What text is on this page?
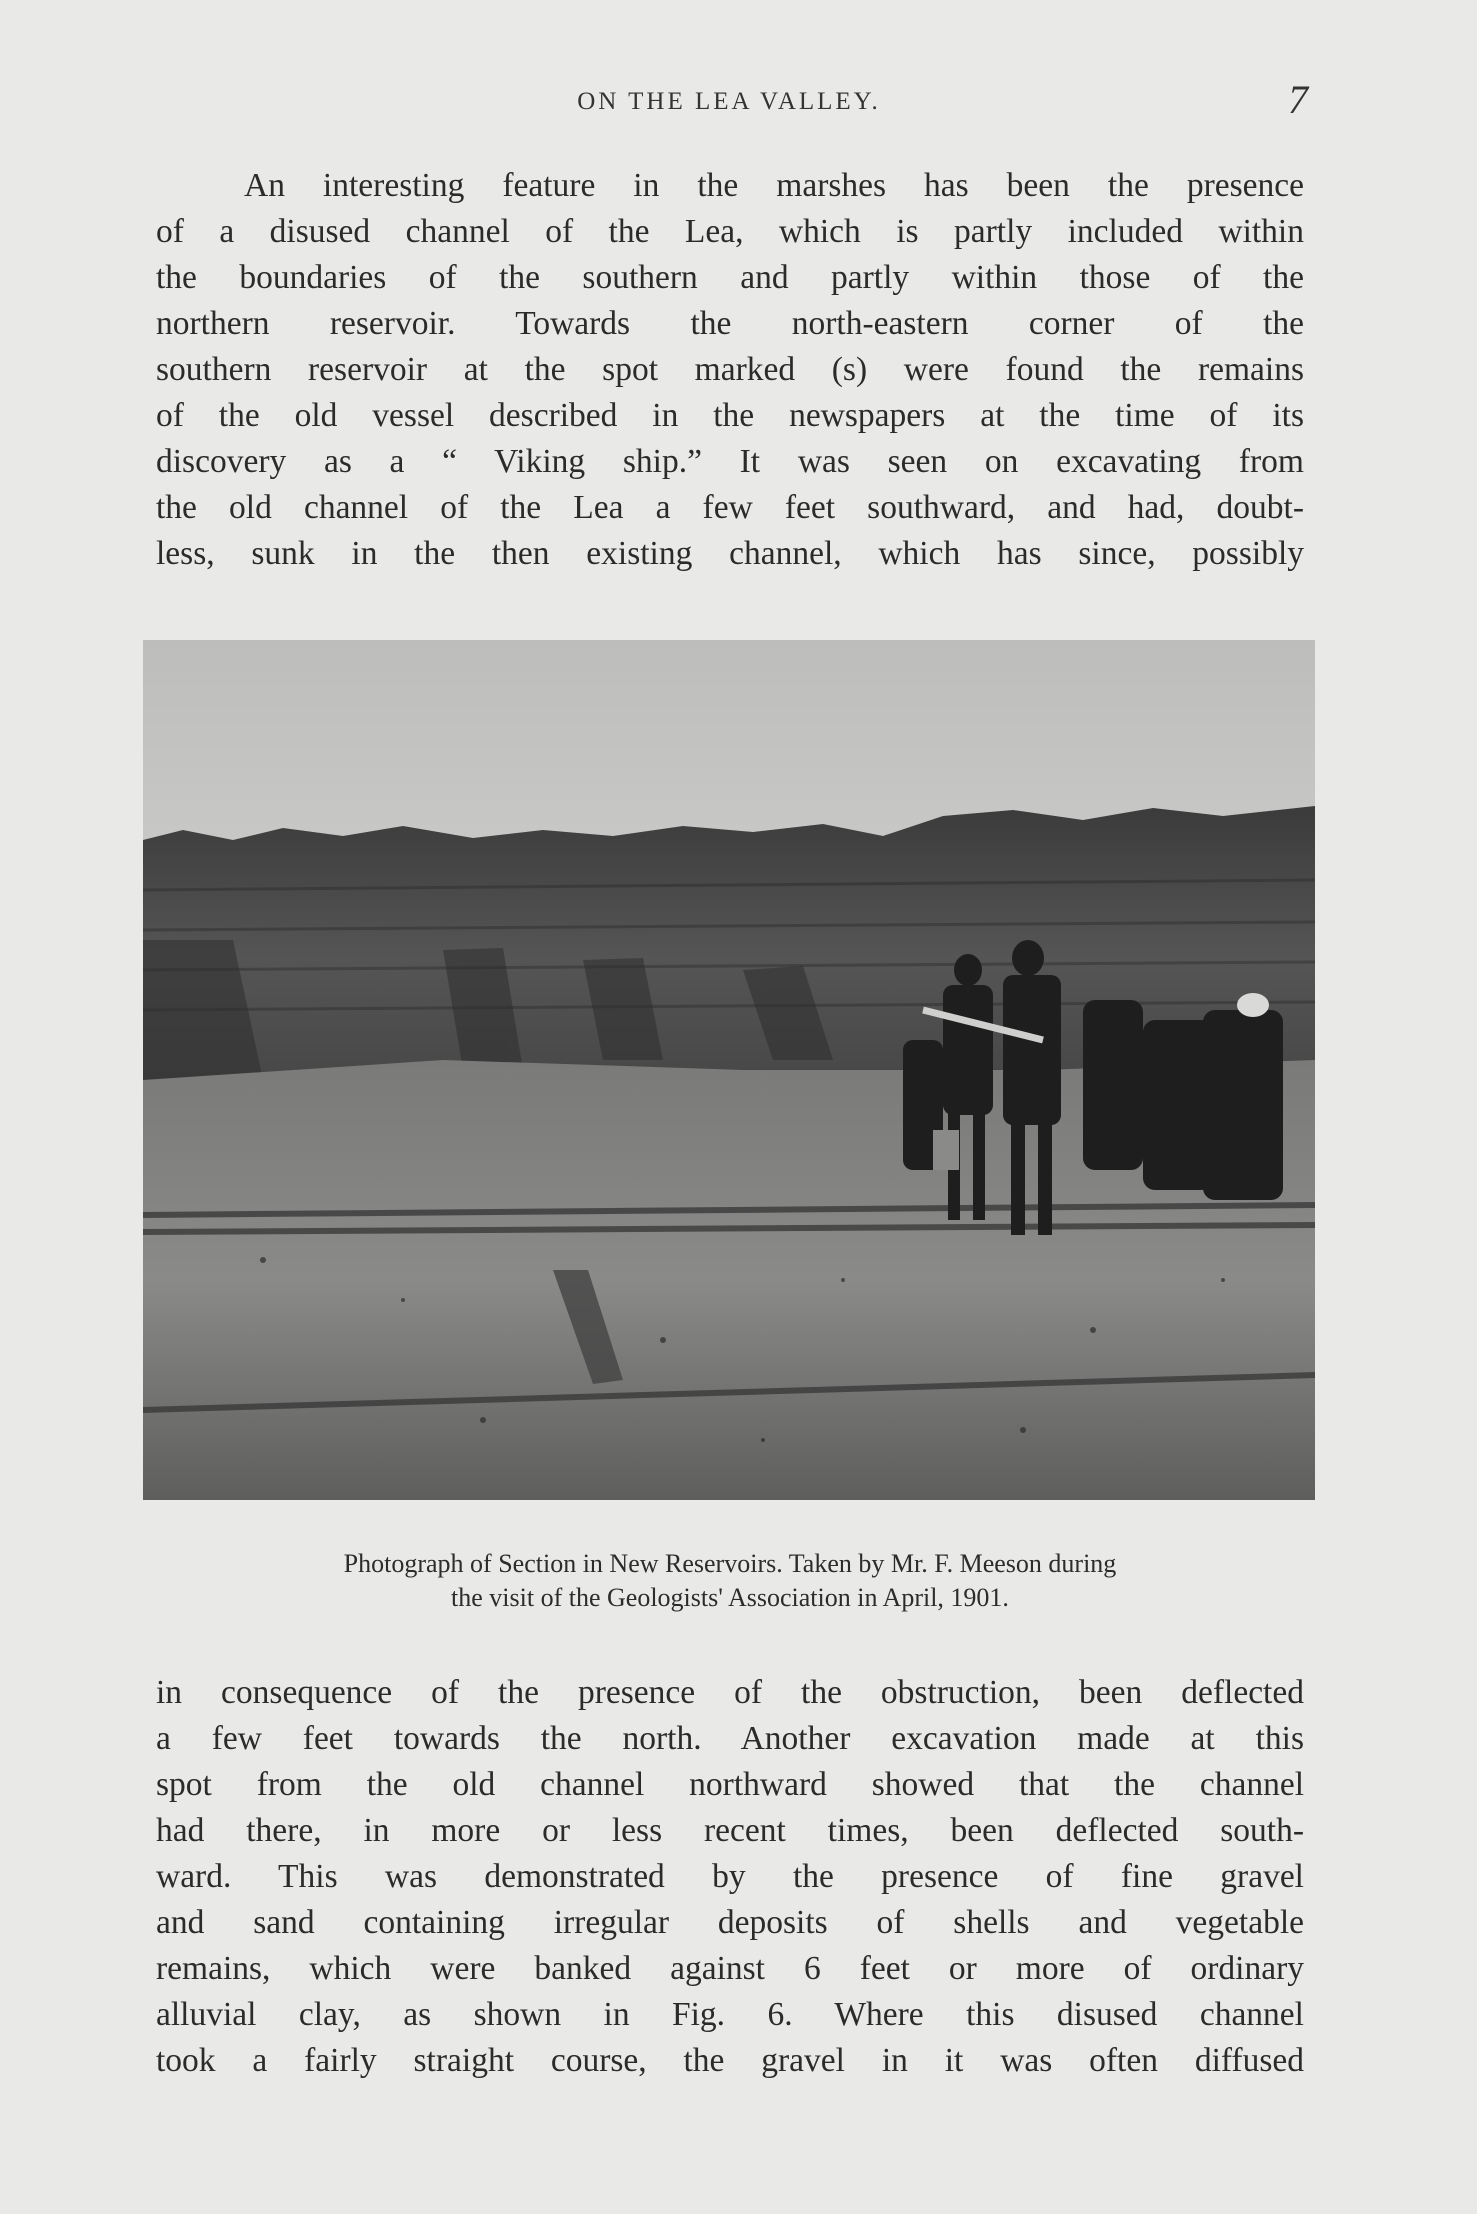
ON THE LEA VALLEY.	7
An interesting feature in the marshes has been the presence
of a disused channel of the Lea, which is partly included within
the boundaries of the southern and partly within those of the
northern reservoir. Towards the north-eastern corner of the
southern reservoir at the spot marked (s) were found the remains
of the old vessel described in the newspapers at the time of its
discovery as a “ Viking ship.” It was seen on excavating from
the old channel of the Lea a few feet southward, and had, doubt-
less, sunk in the then existing channel, which has since, possibly
Photograph of Section in New Reservoirs. Taken by Mr. F. Meeson during
the visit of the Geologists' Association in April, 1901.
in consequence of the presence of the obstruction, been deflected
a few feet towards the north. Another excavation made at this
spot from the old channel northward showed that the channel
had there, in more or less recent times, been deflected south-
ward. This was demonstrated by the presence of fine gravel
and sand containing irregular deposits of shells and vegetable
remains, which were banked against 6 feet or more of ordinary
alluvial clay, as shown in Fig. 6. Where this disused channel
took a fairly straight course, the gravel in it was often diffused
